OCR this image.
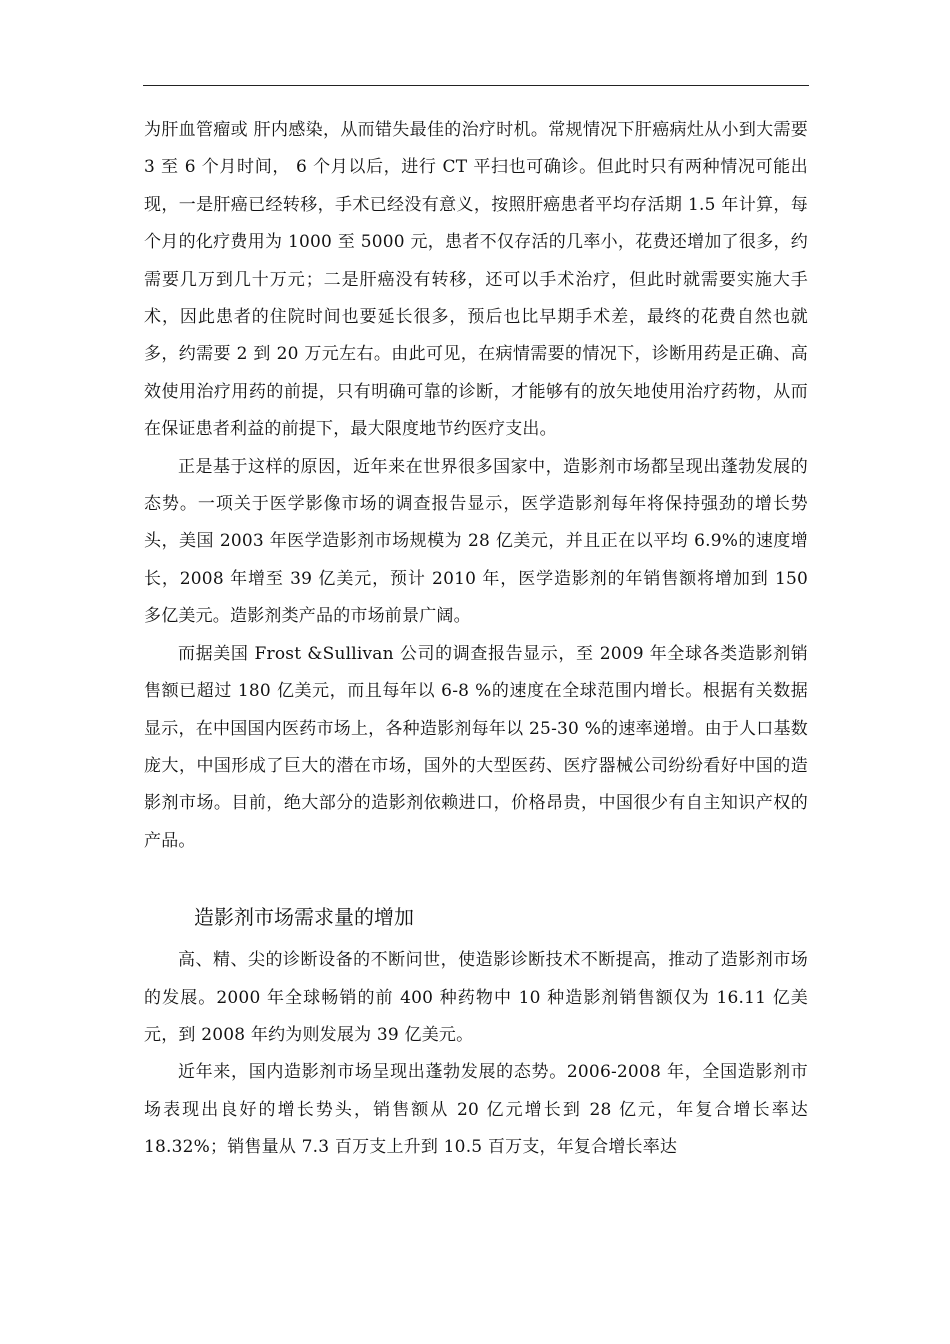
为肝血管瘤或 肝内感染，从而错失最佳的治疗时机。常规情况下肝癌病灶从小到大需要 3 至 6 个月时间， 6 个月以后，进行 CT 平扫也可确诊。但此时只有两种情况可能出现，一是肝癌已经转移，手术已经没有意义，按照肝癌患者平均存活期 1.5 年计算，每个月的化疗费用为 1000 至 5000 元，患者不仅存活的几率小，花费还增加了很多，约需要几万到几十万元；二是肝癌没有转移，还可以手术治疗，但此时就需要实施大手术，因此患者的住院时间也要延长很多，预后也比早期手术差，最终的花费自然也就多，约需要 2 到 20 万元左右。由此可见，在病情需要的情况下，诊断用药是正确、高效使用治疗用药的前提，只有明确可靠的诊断，才能够有的放矢地使用治疗药物，从而在保证患者利益的前提下，最大限度地节约医疗支出。

正是基于这样的原因，近年来在世界很多国家中，造影剂市场都呈现出蓬勃发展的态势。一项关于医学影像市场的调查报告显示，医学造影剂每年将保持强劲的增长势头，美国 2003 年医学造影剂市场规模为 28 亿美元，并且正在以平均 6.9%的速度增长，2008 年增至 39 亿美元，预计 2010 年，医学造影剂的年销售额将增加到 150 多亿美元。造影剂类产品的市场前景广阔。

而据美国 Frost &Sullivan 公司的调查报告显示，至 2009 年全球各类造影剂销售额已超过 180 亿美元，而且每年以 6-8 %的速度在全球范围内增长。根据有关数据显示，在中国国内医药市场上，各种造影剂每年以 25-30 %的速率递增。由于人口基数庞大，中国形成了巨大的潜在市场，国外的大型医药、医疗器械公司纷纷看好中国的造影剂市场。目前，绝大部分的造影剂依赖进口，价格昂贵，中国很少有自主知识产权的产品。

造影剂市场需求量的增加

高、精、尖的诊断设备的不断问世，使造影诊断技术不断提高，推动了造影剂市场的发展。2000 年全球畅销的前 400 种药物中 10 种造影剂销售额仅为 16.11 亿美元，到 2008 年约为则发展为 39 亿美元。

近年来，国内造影剂市场呈现出蓬勃发展的态势。2006-2008 年，全国造影剂市场表现出良好的增长势头，销售额从 20 亿元增长到 28 亿元，年复合增长率达 18.32%；销售量从 7.3 百万支上升到 10.5 百万支，年复合增长率达
